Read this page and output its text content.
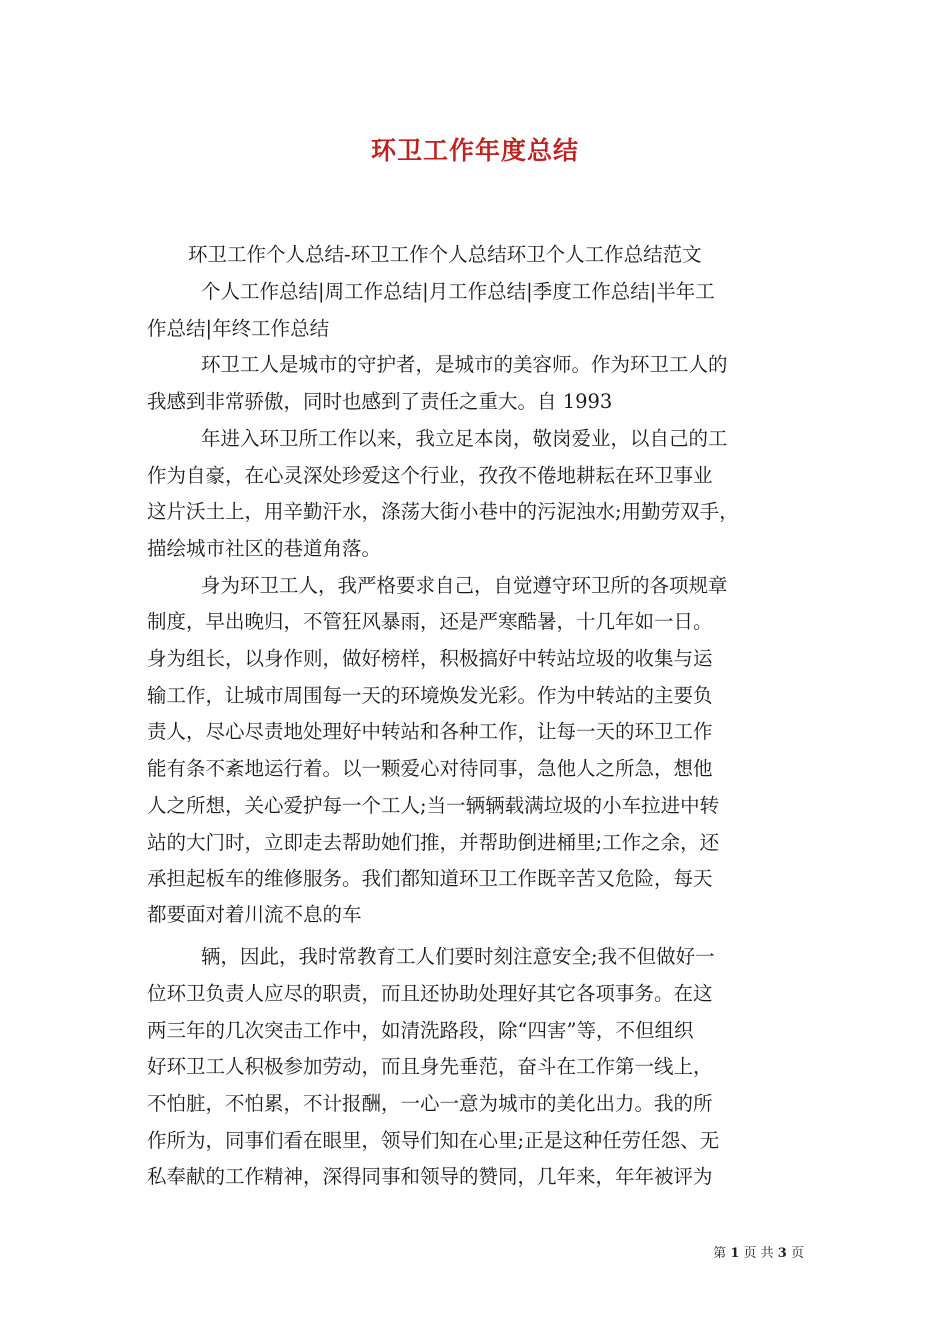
环卫工作年度总结
环卫工作个人总结-环卫工作个人总结环卫个人工作总结范文
个人工作总结|周工作总结|月工作总结|季度工作总结|半年工
作总结|年终工作总结
环卫工人是城市的守护者，是城市的美容师。作为环卫工人的
我感到非常骄傲，同时也感到了责任之重大。自 1993
年进入环卫所工作以来，我立足本岗，敬岗爱业，以自己的工
作为自豪，在心灵深处珍爱这个行业，孜孜不倦地耕耘在环卫事业
这片沃土上，用辛勤汗水，涤荡大街小巷中的污泥浊水;用勤劳双手，
描绘城市社区的巷道角落。
身为环卫工人，我严格要求自己，自觉遵守环卫所的各项规章
制度，早出晚归，不管狂风暴雨，还是严寒酷暑，十几年如一日。
身为组长，以身作则，做好榜样，积极搞好中转站垃圾的收集与运
输工作，让城市周围每一天的环境焕发光彩。作为中转站的主要负
责人，尽心尽责地处理好中转站和各种工作，让每一天的环卫工作
能有条不紊地运行着。以一颗爱心对待同事，急他人之所急，想他
人之所想，关心爱护每一个工人;当一辆辆载满垃圾的小车拉进中转
站的大门时，立即走去帮助她们推，并帮助倒进桶里;工作之余，还
承担起板车的维修服务。我们都知道环卫工作既辛苦又危险，每天
都要面对着川流不息的车
辆，因此，我时常教育工人们要时刻注意安全;我不但做好一
位环卫负责人应尽的职责，而且还协助处理好其它各项事务。在这
两三年的几次突击工作中，如清洗路段，除“四害”等，不但组织
好环卫工人积极参加劳动，而且身先垂范，奋斗在工作第一线上，
不怕脏，不怕累，不计报酬，一心一意为城市的美化出力。我的所
作所为，同事们看在眼里，领导们知在心里;正是这种任劳任怨、无
私奉献的工作精神，深得同事和领导的赞同，几年来，年年被评为
第 1 页 共 3 页
